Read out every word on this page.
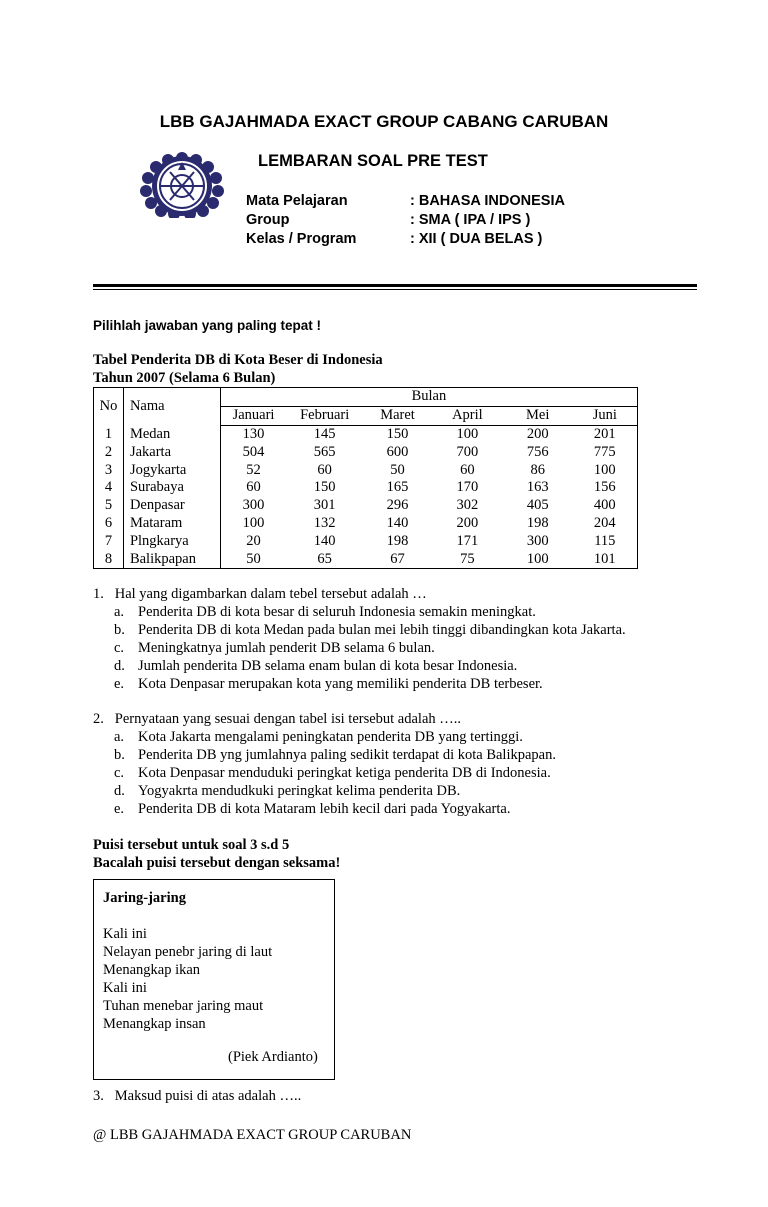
LBB GAJAHMADA EXACT GROUP CABANG CARUBAN
LEMBARAN SOAL PRE TEST
Mata Pelajaran	: BAHASA INDONESIA
Group	: SMA ( IPA / IPS )
Kelas / Program	: XII ( DUA BELAS )
Pilihlah jawaban yang paling tepat !
Tabel Penderita DB di Kota Beser di Indonesia
Tahun 2007 (Selama 6 Bulan)
No	Nama	Bulan					
		Januari	Februari	Maret	April	Mei	Juni
1	Medan	130	145	150	100	200	201
2	Jakarta	504	565	600	700	756	775
3	Jogykarta	52	60	50	60	86	100
4	Surabaya	60	150	165	170	163	156
5	Denpasar	300	301	296	302	405	400
6	Mataram	100	132	140	200	198	204
7	Plngkarya	20	140	198	171	300	115
8	Balikpapan	50	65	67	75	100	101
1. Hal yang digambarkan dalam tebel tersebut adalah …
a. Penderita DB di kota besar di seluruh Indonesia semakin meningkat.
b. Penderita DB di kota Medan pada bulan mei lebih tinggi dibandingkan kota Jakarta.
c. Meningkatnya jumlah penderit DB selama 6 bulan.
d. Jumlah penderita DB selama enam bulan di kota besar Indonesia.
e. Kota Denpasar merupakan kota yang memiliki penderita DB terbeser.
2. Pernyataan yang sesuai dengan tabel isi tersebut adalah …..
a. Kota Jakarta mengalami peningkatan penderita DB yang tertinggi.
b. Penderita DB yng jumlahnya paling sedikit terdapat di kota Balikpapan.
c. Kota Denpasar menduduki peringkat ketiga penderita DB di Indonesia.
d. Yogyakrta mendudkuki peringkat kelima penderita DB.
e. Penderita DB di kota Mataram lebih kecil dari pada Yogyakarta.
Puisi tersebut untuk soal 3 s.d 5
Bacalah puisi tersebut dengan seksama!
Jaring-jaring
Kali ini
Nelayan penebr jaring di laut
Menangkap ikan
Kali ini
Tuhan menebar jaring maut
Menangkap insan
(Piek Ardianto)
3. Maksud puisi di atas adalah …..
@ LBB GAJAHMADA EXACT GROUP CARUBAN
